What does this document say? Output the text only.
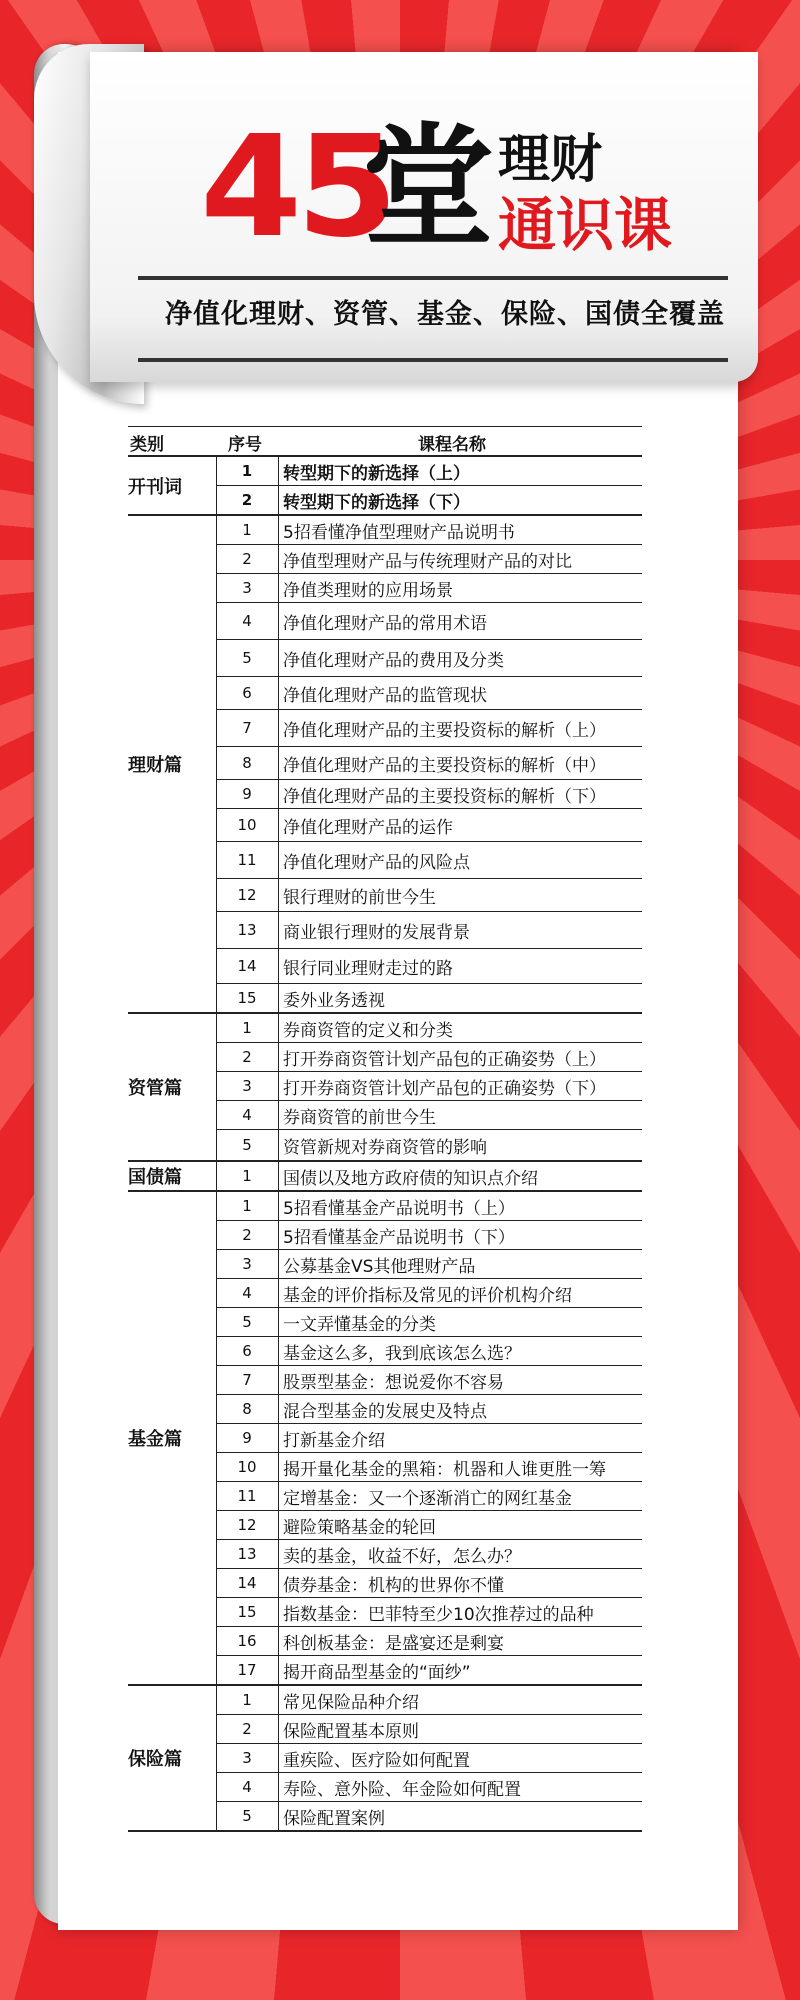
45
堂 理财
通识课
净值化理财、资管、基金、保险、国债全覆盖
类别	序号	课程名称
开刊词
1	转型期下的新选择（上）
2	转型期下的新选择（下）
理财篇
1	5招看懂净值型理财产品说明书
2	净值型理财产品与传统理财产品的对比
3	净值类理财的应用场景
4	净值化理财产品的常用术语
5	净值化理财产品的费用及分类
6	净值化理财产品的监管现状
7	净值化理财产品的主要投资标的解析（上）
8	净值化理财产品的主要投资标的解析（中）
9	净值化理财产品的主要投资标的解析（下）
10	净值化理财产品的运作
11	净值化理财产品的风险点
12	银行理财的前世今生
13	商业银行理财的发展背景
14	银行同业理财走过的路
15	委外业务透视
资管篇
1	券商资管的定义和分类
2	打开券商资管计划产品包的正确姿势（上）
3	打开券商资管计划产品包的正确姿势（下）
4	券商资管的前世今生
5	资管新规对券商资管的影响
国债篇	1	国债以及地方政府债的知识点介绍
基金篇
1	5招看懂基金产品说明书（上）
2	5招看懂基金产品说明书（下）
3	公募基金VS其他理财产品
4	基金的评价指标及常见的评价机构介绍
5	一文弄懂基金的分类
6	基金这么多，我到底该怎么选？
7	股票型基金：想说爱你不容易
8	混合型基金的发展史及特点
9	打新基金介绍
10	揭开量化基金的黑箱：机器和人谁更胜一筹
11	定增基金：又一个逐渐消亡的网红基金
12	避险策略基金的轮回
13	卖的基金，收益不好，怎么办？
14	债券基金：机构的世界你不懂
15	指数基金：巴菲特至少10次推荐过的品种
16	科创板基金：是盛宴还是剩宴
17	揭开商品型基金的“面纱”
保险篇
1	常见保险品种介绍
2	保险配置基本原则
3	重疾险、医疗险如何配置
4	寿险、意外险、年金险如何配置
5	保险配置案例
